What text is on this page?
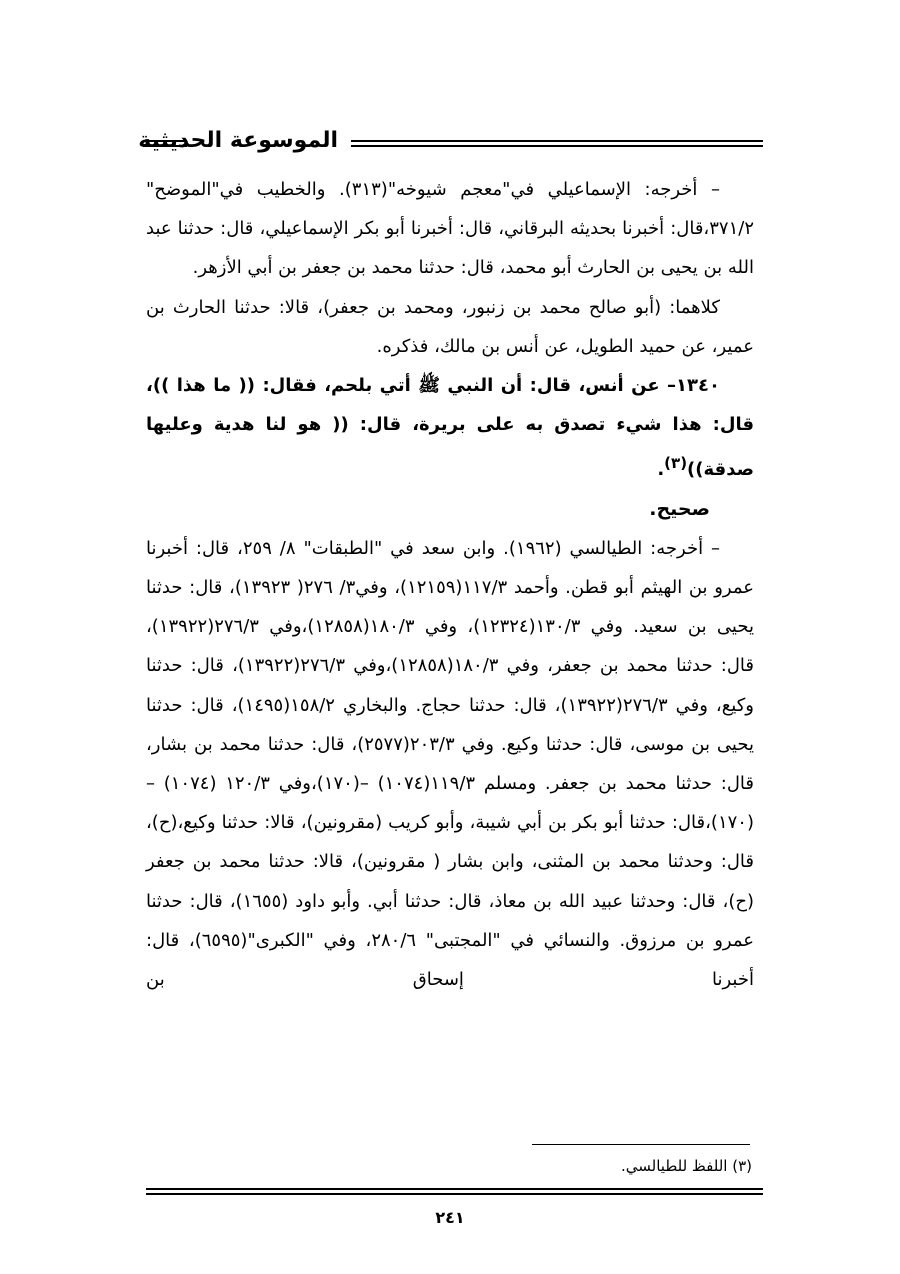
الموسوعة الحديثية

– أخرجه: الإسماعيلي في"معجم شيوخه"(٣١٣). والخطيب في"الموضح" ٣٧١/٢،قال: أخبرنا بحديثه البرقاني، قال: أخبرنا أبو بكر الإسماعيلي، قال: حدثنا عبد الله بن يحيى بن الحارث أبو محمد، قال: حدثنا محمد بن جعفر بن أبي الأزهر.

كلاهما: (أبو صالح محمد بن زنبور، ومحمد بن جعفر)، قالا: حدثنا الحارث بن عمير، عن حميد الطويل، عن أنس بن مالك، فذكره.

١٣٤٠– عن أنس، قال: أن النبي ﷺ أتي بلحم، فقال: (( ما هذا ))، قال: هذا شيء تصدق به على بريرة، قال: (( هو لنا هدية وعليها صدقة))$^{(٣)}$.

صحيح.

– أخرجه: الطيالسي (١٩٦٢). وابن سعد في "الطبقات" ٨/ ٢٥٩، قال: أخبرنا عمرو بن الهيثم أبو قطن. وأحمد ١١٧/٣(١٢١٥٩)، وفي٣/ ٢٧٦( ١٣٩٢٣)، قال: حدثنا يحيى بن سعيد. وفي ١٣٠/٣(١٢٣٢٤)، وفي ١٨٠/٣(١٢٨٥٨)،وفي ٢٧٦/٣(١٣٩٢٢)، قال: حدثنا محمد بن جعفر، وفي ١٨٠/٣(١٢٨٥٨)،وفي ٢٧٦/٣(١٣٩٢٢)، قال: حدثنا وكيع، وفي ٢٧٦/٣(١٣٩٢٢)، قال: حدثنا حجاج. والبخاري ١٥٨/٢(١٤٩٥)، قال: حدثنا يحيى بن موسى، قال: حدثنا وكيع. وفي ٢٠٣/٣(٢٥٧٧)، قال: حدثنا محمد بن بشار، قال: حدثنا محمد بن جعفر. ومسلم ١١٩/٣(١٠٧٤) –(١٧٠)،وفي ١٢٠/٣ (١٠٧٤) –(١٧٠)،قال: حدثنا أبو بكر بن أبي شيبة، وأبو كريب (مقرونين)، قالا: حدثنا وكيع،(ح)، قال: وحدثنا محمد بن المثنى، وابن بشار ( مقرونين)، قالا: حدثنا محمد بن جعفر (ح)، قال: وحدثنا عبيد الله بن معاذ، قال: حدثنا أبي. وأبو داود (١٦٥٥)، قال: حدثنا عمرو بن مرزوق. والنسائي في "المجتبى" ٢٨٠/٦، وفي "الكبرى"(٦٥٩٥)، قال: أخبرنا إسحاق بن

(٣) اللفظ للطيالسي.
٢٤١
